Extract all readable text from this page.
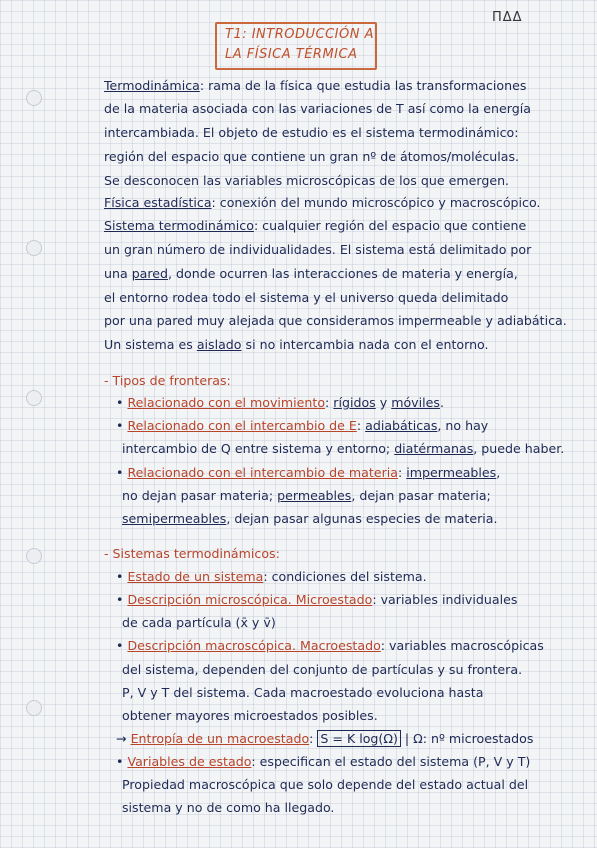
T1: INTRODUCCIÓN A
LA FÍSICA TÉRMICA
ΠΔΔ
Termodinámica: rama de la física que estudia las transformaciones
de la materia asociada con las variaciones de T así como la energía
intercambiada. El objeto de estudio es el sistema termodinámico:
región del espacio que contiene un gran nº de átomos/moléculas.
Se desconocen las variables microscópicas de los que emergen.
Física estadística: conexión del mundo microscópico y macroscópico.
Sistema termodinámico: cualquier región del espacio que contiene
un gran número de individualidades. El sistema está delimitado por
una pared, donde ocurren las interacciones de materia y energía,
el entorno rodea todo el sistema y el universo queda delimitado
por una pared muy alejada que consideramos impermeable y adiabática.
Un sistema es aislado si no intercambia nada con el entorno.
- Tipos de fronteras:
• Relacionado con el movimiento: rígidos y móviles.
• Relacionado con el intercambio de E: adiabáticas, no hay
intercambio de Q entre sistema y entorno; diatérmanas, puede haber.
• Relacionado con el intercambio de materia: impermeables,
no dejan pasar materia; permeables, dejan pasar materia;
semipermeables, dejan pasar algunas especies de materia.
- Sistemas termodinámicos:
• Estado de un sistema: condiciones del sistema.
• Descripción microscópica. Microestado: variables individuales
de cada partícula (x̄ y v̄)
• Descripción macroscópica. Macroestado: variables macroscópicas
del sistema, dependen del conjunto de partículas y su frontera.
P, V y T del sistema. Cada macroestado evoluciona hasta
obtener mayores microestados posibles.
→ Entropía de un macroestado: S = K log(Ω) | Ω: nº microestados
• Variables de estado: especifican el estado del sistema (P, V y T)
Propiedad macroscópica que solo depende del estado actual del
sistema y no de como ha llegado.
